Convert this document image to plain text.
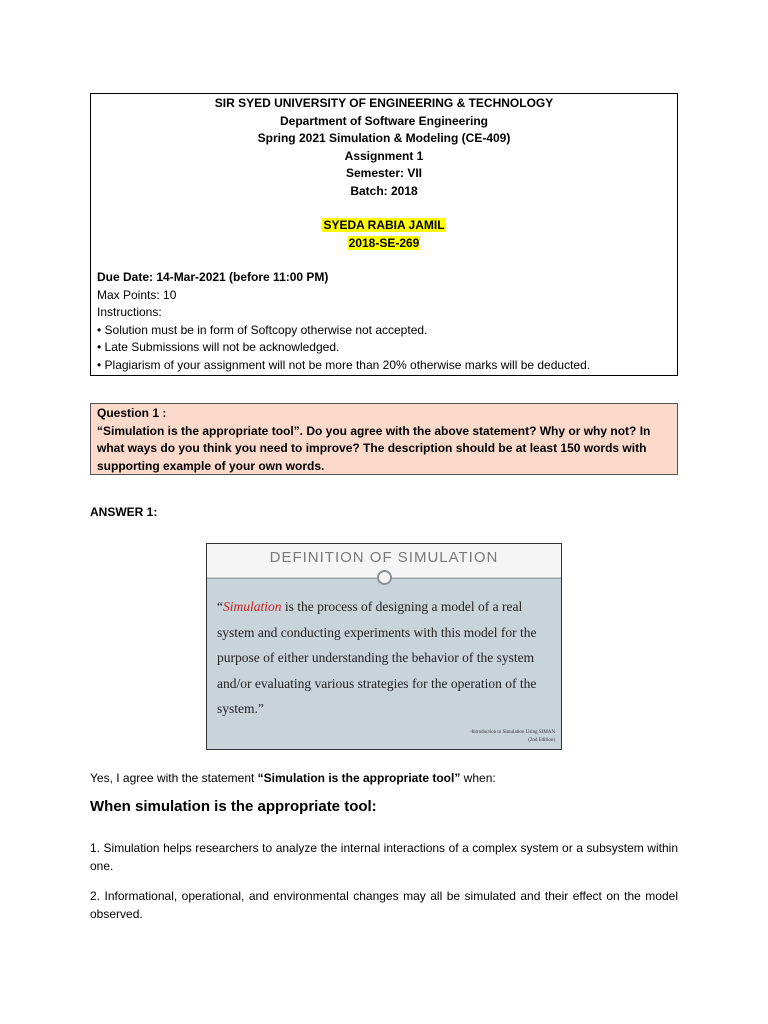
SIR SYED UNIVERSITY OF ENGINEERING & TECHNOLOGY
Department of Software Engineering
Spring 2021 Simulation & Modeling (CE-409)
Assignment 1
Semester: VII
Batch: 2018
SYEDA RABIA JAMIL
2018-SE-269
Due Date: 14-Mar-2021 (before 11:00 PM)
Max Points: 10
Instructions:
• Solution must be in form of Softcopy otherwise not accepted.
• Late Submissions will not be acknowledged.
• Plagiarism of your assignment will not be more than 20% otherwise marks will be deducted.
Question 1 :
“Simulation is the appropriate tool”. Do you agree with the above statement? Why or why not? In what ways do you think you need to improve? The description should be at least 150 words with supporting example of your own words.
ANSWER 1:
DEFINITION OF SIMULATION
“Simulation is the process of designing a model of a real system and conducting experiments with this model for the purpose of either understanding the behavior of the system and/or evaluating various strategies for the operation of the system.”
-Introduction to Simulation Using SIMAN
(2nd Edition)
Yes, I agree with the statement “Simulation is the appropriate tool” when:
When simulation is the appropriate tool:
1. Simulation helps researchers to analyze the internal interactions of a complex system or a subsystem within one.
2. Informational, operational, and environmental changes may all be simulated and their effect on the model observed.
